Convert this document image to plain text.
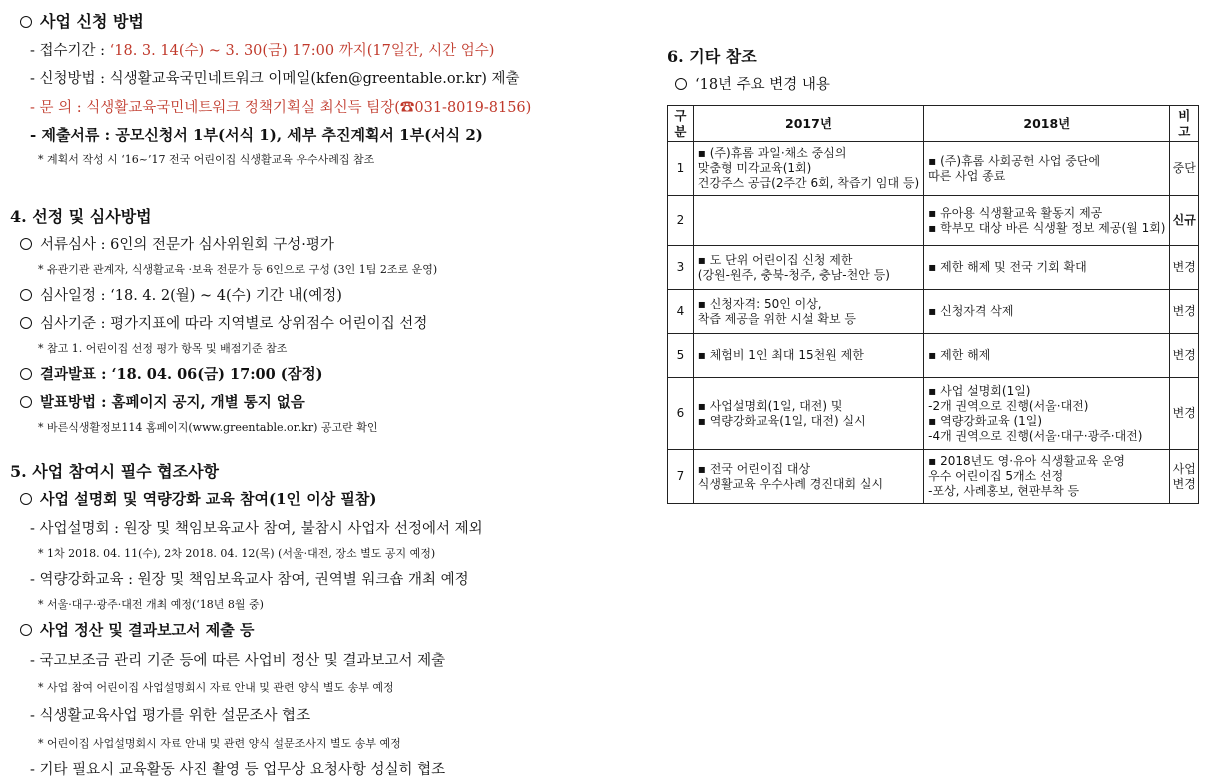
사업 신청 방법
- 접수기간 : ‘18. 3. 14(수) ~ 3. 30(금) 17:00 까지(17일간, 시간 엄수)
- 신청방법 : 식생활교육국민네트워크 이메일(kfen@greentable.or.kr) 제출
- 문 의 : 식생활교육국민네트워크 정책기획실 최신득 팀장(☎031-8019-8156)
- 제출서류 : 공모신청서 1부(서식 1), 세부 추진계획서 1부(서식 2)
* 계획서 작성 시 ‘16~’17 전국 어린이집 식생활교육 우수사례집 참조
4. 선정 및 심사방법
서류심사 : 6인의 전문가 심사위원회 구성·평가
* 유관기관 관계자, 식생활교육 ·보육 전문가 등 6인으로 구성 (3인 1팀 2조로 운영)
심사일정 : ‘18. 4. 2(월) ~ 4(수) 기간 내(예정)
심사기준 : 평가지표에 따라 지역별로 상위점수 어린이집 선정
* 참고 1. 어린이집 선정 평가 항목 및 배점기준 참조
결과발표 : ‘18. 04. 06(금) 17:00 (잠정)
발표방법 : 홈페이지 공지, 개별 통지 없음
* 바른식생활정보114 홈페이지(www.greentable.or.kr) 공고란 확인
5. 사업 참여시 필수 협조사항
사업 설명회 및 역량강화 교육 참여(1인 이상 필참)
- 사업설명회 : 원장 및 책임보육교사 참여, 불참시 사업자 선정에서 제외
* 1차 2018. 04. 11(수), 2차 2018. 04. 12(목) (서울·대전, 장소 별도 공지 예정)
- 역량강화교육 : 원장 및 책임보육교사 참여, 권역별 워크숍 개최 예정
* 서울·대구·광주·대전 개최 예정(‘18년 8월 중)
사업 정산 및 결과보고서 제출 등
- 국고보조금 관리 기준 등에 따른 사업비 정산 및 결과보고서 제출
* 사업 참여 어린이집 사업설명회시 자료 안내 및 관련 양식 별도 송부 예정
- 식생활교육사업 평가를 위한 설문조사 협조
* 어린이집 사업설명회시 자료 안내 및 관련 양식 설문조사지 별도 송부 예정
- 기타 필요시 교육활동 사진 촬영 등 업무상 요청사항 성실히 협조
6. 기타 참조
‘18년 주요 변경 내용
구분	2017년	2018년	비고

1	▪ (주)휴롬 과일·채소 중심의
맞춤형 미각교육(1회)
건강주스 공급(2주간 6회, 착즙기 임대 등)	▪ (주)휴롬 사회공헌 사업 중단에
따른 사업 종료	중단

2		▪ 유아용 식생활교육 활동지 제공
▪ 학부모 대상 바른 식생활 정보 제공(월 1회)	신규

3	▪ 도 단위 어린이집 신청 제한
(강원-원주, 충북-청주, 충남-천안 등)	▪ 제한 해제 및 전국 기회 확대	변경

4	▪ 신청자격: 50인 이상,
착즙 제공을 위한 시설 확보 등	▪ 신청자격 삭제	변경

5	▪ 체험비 1인 최대 15천원 제한	▪ 제한 해제	변경

6	▪ 사업설명회(1일, 대전) 및
▪ 역량강화교육(1일, 대전) 실시	▪ 사업 설명회(1일)
-2개 권역으로 진행(서울·대전)
▪ 역량강화교육 (1일)
-4개 권역으로 진행(서울·대구·광주·대전)	변경

7	▪ 전국 어린이집 대상
식생활교육 우수사례 경진대회 실시	▪ 2018년도 영·유아 식생활교육 운영
우수 어린이집 5개소 선정
-포상, 사례홍보, 현판부착 등	사업
변경
